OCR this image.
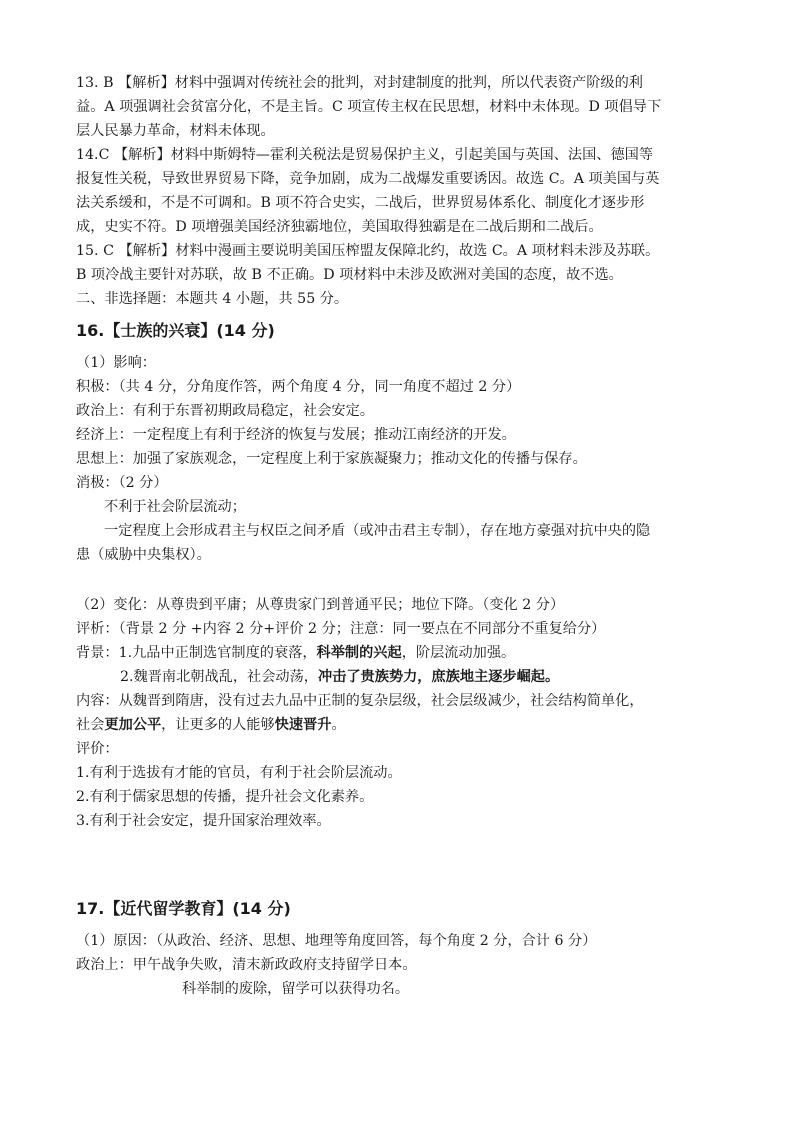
13. B 【解析】材料中强调对传统社会的批判，对封建制度的批判，所以代表资产阶级的利
益。A 项强调社会贫富分化，不是主旨。C 项宣传主权在民思想，材料中未体现。D 项倡导下
层人民暴力革命，材料未体现。
14.C 【解析】材料中斯姆特—霍利关税法是贸易保护主义，引起美国与英国、法国、德国等
报复性关税，导致世界贸易下降，竞争加剧，成为二战爆发重要诱因。故选 C。A 项美国与英
法关系缓和，不是不可调和。B 项不符合史实，二战后，世界贸易体系化、制度化才逐步形
成，史实不符。D 项增强美国经济独霸地位，美国取得独霸是在二战后期和二战后。
15. C 【解析】材料中漫画主要说明美国压榨盟友保障北约，故选 C。A 项材料未涉及苏联。
B 项冷战主要针对苏联，故 B 不正确。D 项材料中未涉及欧洲对美国的态度，故不选。
二、非选择题：本题共 4 小题，共 55 分。
16.【士族的兴衰】(14 分)
（1）影响：
积极：（共 4 分，分角度作答，两个角度 4 分，同一角度不超过 2 分）
政治上：有利于东晋初期政局稳定，社会安定。
经济上：一定程度上有利于经济的恢复与发展；推动江南经济的开发。
思想上：加强了家族观念，一定程度上利于家族凝聚力；推动文化的传播与保存。
消极：（2 分）
不利于社会阶层流动；
一定程度上会形成君主与权臣之间矛盾（或冲击君主专制），存在地方豪强对抗中央的隐
患（威胁中央集权）。
（2）变化：从尊贵到平庸；从尊贵家门到普通平民；地位下降。（变化 2 分）
评析：（背景 2 分 +内容 2 分+评价 2 分；注意：同一要点在不同部分不重复给分）
背景：1.九品中正制选官制度的衰落，科举制的兴起，阶层流动加强。
2.魏晋南北朝战乱，社会动荡，冲击了贵族势力，庶族地主逐步崛起。
内容：从魏晋到隋唐，没有过去九品中正制的复杂层级，社会层级减少，社会结构简单化，
社会更加公平，让更多的人能够快速晋升。
评价：
1.有利于选拔有才能的官员，有利于社会阶层流动。
2.有利于儒家思想的传播，提升社会文化素养。
3.有利于社会安定，提升国家治理效率。
17.【近代留学教育】(14 分)
（1）原因：（从政治、经济、思想、地理等角度回答，每个角度 2 分，合计 6 分）
政治上：甲午战争失败，清末新政政府支持留学日本。
科举制的废除，留学可以获得功名。
